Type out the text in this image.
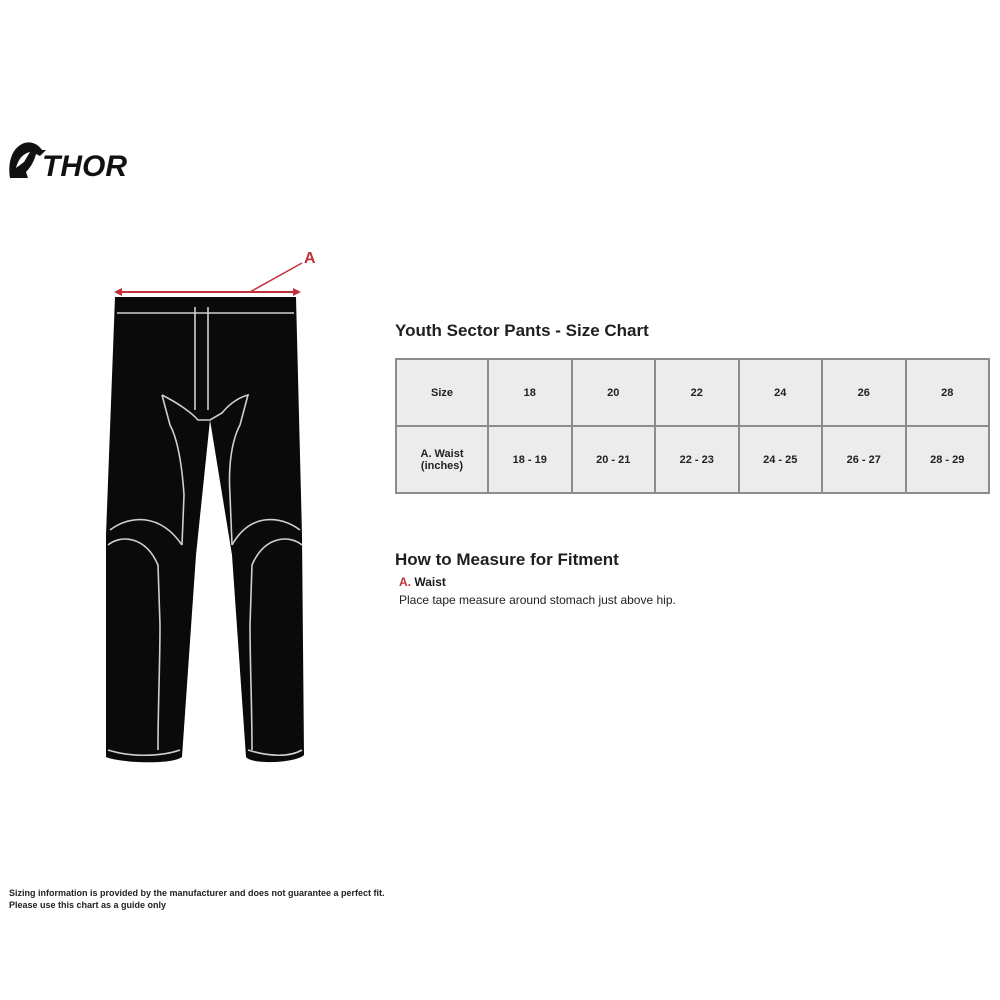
THOR
A
Youth Sector Pants - Size Chart
Size	18	20	22	24	26	28
A. Waist (inches)	18 - 19	20 - 21	22 - 23	24 - 25	26 - 27	28 - 29
How to Measure for Fitment
A. Waist
Place tape measure around stomach just above hip.
Sizing information is provided by the manufacturer and does not guarantee a perfect fit.
Please use this chart as a guide only
